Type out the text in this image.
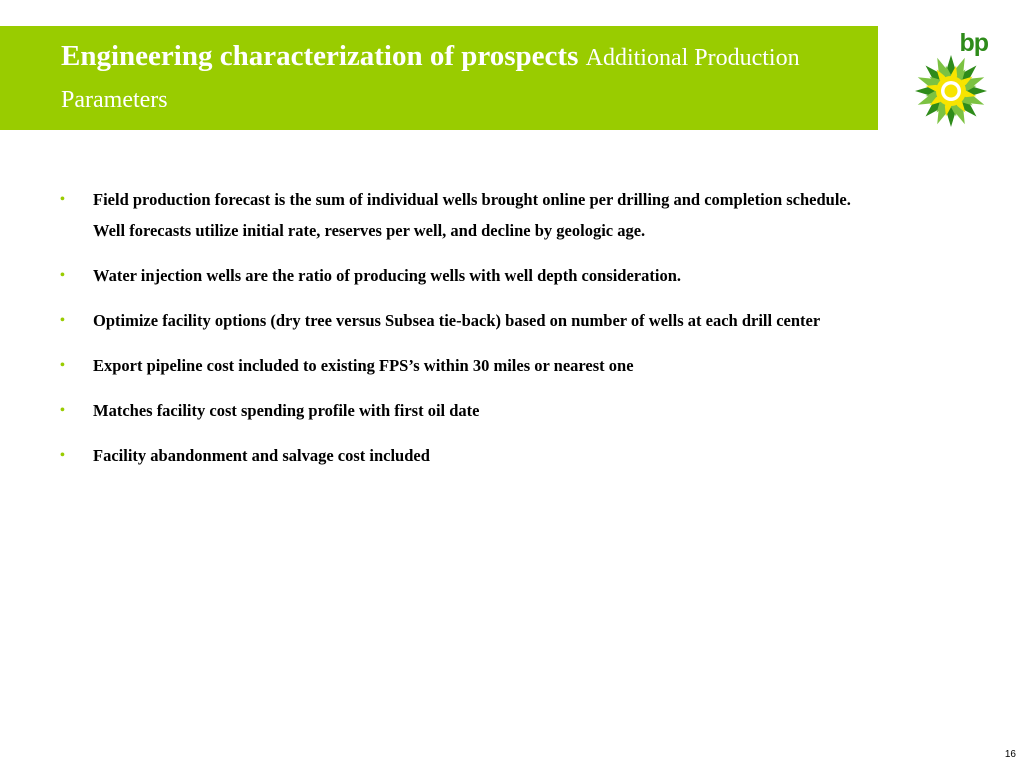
Engineering characterization of prospects Additional Production Parameters

bp
• Field production forecast is the sum of individual wells brought online per drilling and completion schedule. Well forecasts utilize initial rate, reserves per well, and decline by geologic age.
• Water injection wells are the ratio of producing wells with well depth consideration.
• Optimize facility options (dry tree versus Subsea tie-back) based on number of wells at each drill center
• Export pipeline cost included to existing FPS’s within 30 miles or nearest one
• Matches facility cost spending profile with first oil date
• Facility abandonment and salvage cost included
16
